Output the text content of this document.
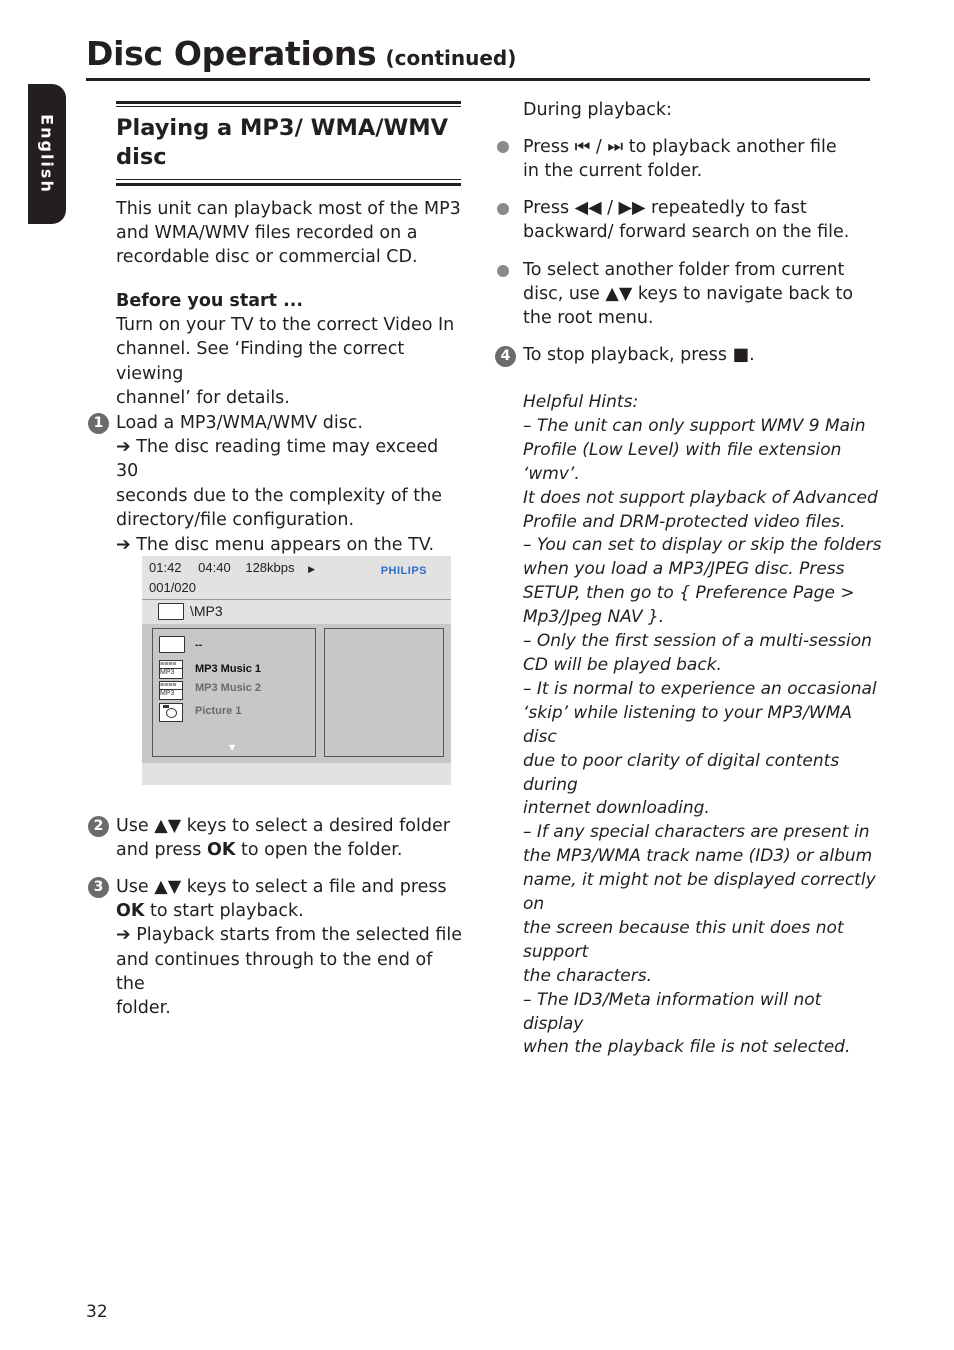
Disc Operations (continued)
English	Playing a MP3/ WMA/WMV
disc
This unit can playback most of the MP3
and WMA/WMV files recorded on a
recordable disc or commercial CD.
Before you start ...
Turn on your TV to the correct Video In
channel. See ‘Finding the correct viewing
channel’ for details.
1 Load a MP3/WMA/WMV disc.
➔ The disc reading time may exceed 30
seconds due to the complexity of the
directory/file configuration.
➔ The disc menu appears on the TV.
01:42 04:40 128kbps ▶
001/020
PHILIPS
\MP3
--
≡≡≡≡
MP3	MP3 Music 1
≡≡≡≡
MP3	MP3 Music 2
Picture 1
▼
2 Use ▲▼ keys to select a desired folder
and press OK to open the folder.
3 Use ▲▼ keys to select a file and press
OK to start playback.
➔ Playback starts from the selected file
and continues through to the end of the
folder.
During playback:
Press ⏮ / ⏭ to playback another file
in the current folder.
Press ◀◀ / ▶▶ repeatedly to fast
backward/ forward search on the file.
To select another folder from current
disc, use ▲▼ keys to navigate back to
the root menu.
4 To stop playback, press ■.
Helpful Hints:
– The unit can only support WMV 9 Main
Profile (Low Level) with file extension ‘wmv’.
It does not support playback of Advanced
Profile and DRM-protected video files.
– You can set to display or skip the folders
when you load a MP3/JPEG disc. Press
SETUP, then go to { Preference Page >
Mp3/Jpeg NAV }.
– Only the first session of a multi-session
CD will be played back.
– It is normal to experience an occasional
‘skip’ while listening to your MP3/WMA disc
due to poor clarity of digital contents during
internet downloading.
– If any special characters are present in
the MP3/WMA track name (ID3) or album
name, it might not be displayed correctly on
the screen because this unit does not support
the characters.
– The ID3/Meta information will not display
when the playback file is not selected.
32
